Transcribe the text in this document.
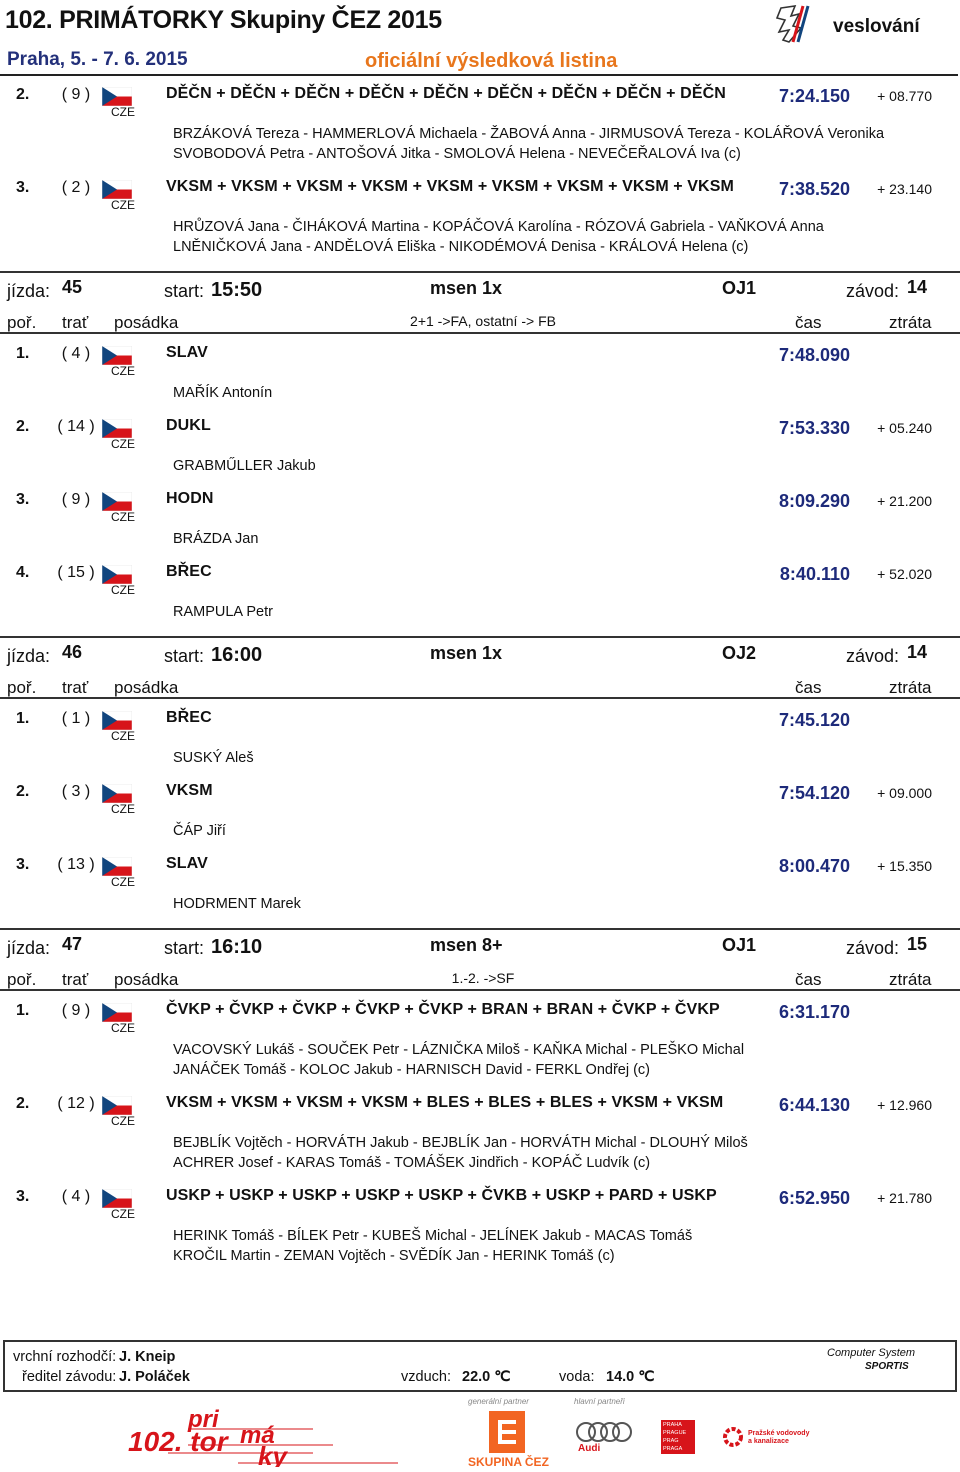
102. PRIMÁTORKY Skupiny ČEZ 2015	veslování
Praha, 5. - 7. 6. 2015	oficiální výsledková listina
2.	( 9 )
CZE
DĚČN + DĚČN + DĚČN + DĚČN + DĚČN + DĚČN + DĚČN + DĚČN + DĚČN	7:24.150	+ 08.770
BRZÁKOVÁ Tereza - HAMMERLOVÁ Michaela - ŽABOVÁ Anna - JIRMUSOVÁ Tereza - KOLÁŘOVÁ Veronika
SVOBODOVÁ Petra - ANTOŠOVÁ Jitka - SMOLOVÁ Helena - NEVEČEŘALOVÁ Iva (c)
3.	( 2 )
CZE
VKSM + VKSM + VKSM + VKSM + VKSM + VKSM + VKSM + VKSM + VKSM	7:38.520	+ 23.140
HRŮZOVÁ Jana - ČIHÁKOVÁ Martina - KOPÁČOVÁ Karolína - RÓZOVÁ Gabriela - VAŇKOVÁ Anna
LNĚNIČKOVÁ Jana - ANDĚLOVÁ Eliška - NIKODÉMOVÁ Denisa - KRÁLOVÁ Helena (c)
jízda: 45	start: 15:50	msen 1x	OJ1	závod: 14
poř. trať posádka	2+1 ->FA, ostatní -> FB	čas	ztráta
1.	( 4 )
CZE
SLAV	7:48.090
MAŘÍK Antonín
2. ( 14 )
CZE
DUKL	7:53.330	+ 05.240
GRABMŰLLER Jakub
3.	( 9 )
CZE
HODN	8:09.290	+ 21.200
BRÁZDA Jan
4. ( 15 )
CZE
BŘEC	8:40.110	+ 52.020
RAMPULA Petr
jízda: 46	start: 16:00	msen 1x	OJ2	závod: 14
poř. trať posádka	čas	ztráta
1.	( 1 )
CZE
BŘEC	7:45.120
SUSKÝ Aleš
2.	( 3 )
CZE
VKSM	7:54.120	+ 09.000
ČÁP Jiří
3. ( 13 )
CZE
SLAV	8:00.470	+ 15.350
HODRMENT Marek
jízda: 47	start: 16:10	msen 8+	OJ1	závod: 15
poř. trať posádka	1.-2. ->SF	čas	ztráta
1.	( 9 )
CZE
ČVKP + ČVKP + ČVKP + ČVKP + ČVKP + BRAN + BRAN + ČVKP + ČVKP	6:31.170
VACOVSKÝ Lukáš - SOUČEK Petr - LÁZNIČKA Miloš - KAŇKA Michal - PLEŠKO Michal
JANÁČEK Tomáš - KOLOC Jakub - HARNISCH David - FERKL Ondřej (c)
2. ( 12 )
CZE
VKSM + VKSM + VKSM + VKSM + BLES + BLES + BLES + VKSM + VKSM	6:44.130	+ 12.960
BEJBLÍK Vojtěch - HORVÁTH Jakub - BEJBLÍK Jan - HORVÁTH Michal - DLOUHÝ Miloš
ACHRER Josef - KARAS Tomáš - TOMÁŠEK Jindřich - KOPÁČ Ludvík (c)
3.	( 4 )
CZE
USKP + USKP + USKP + USKP + USKP + ČVKB + USKP + PARD + USKP	6:52.950	+ 21.780
HERINK Tomáš - BÍLEK Petr - KUBEŠ Michal - JELÍNEK Jakub - MACAS Tomáš
KROČIL Martin - ZEMAN Vojtěch - SVĚDÍK Jan - HERINK Tomáš (c)
vrchní rozhodčí: J. Kneip
ředitel závodu: J. Poláček	vzduch: 22.0 ℃	voda: 14.0 ℃
Computer System
SPORTIS
pri
má
102. tor ky
generální partner
SKUPINA ČEZ
hlavní partneři
Audi
PRAHA PRAGUE PRAG PRAGA
Pražské vodovody a kanalizace
